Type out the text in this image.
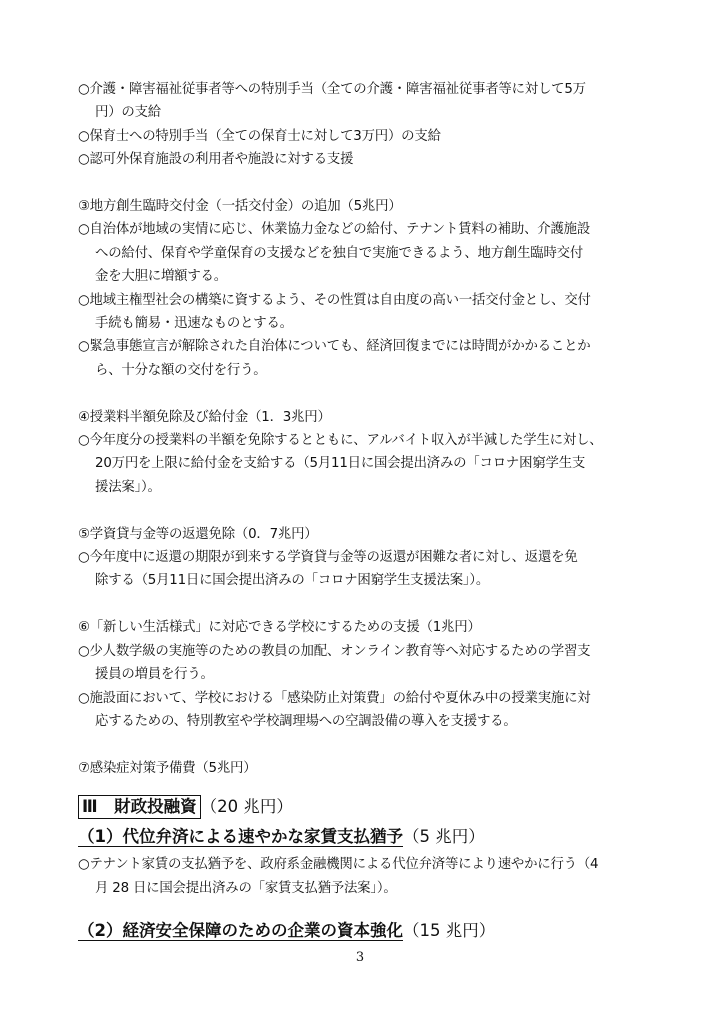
○介護・障害福祉従事者等への特別手当（全ての介護・障害福祉従事者等に対して5万
円）の支給
○保育士への特別手当（全ての保育士に対して3万円）の支給
○認可外保育施設の利用者や施設に対する支援
③地方創生臨時交付金（一括交付金）の追加（5兆円）
○自治体が地域の実情に応じ、休業協力金などの給付、テナント賃料の補助、介護施設
への給付、保育や学童保育の支援などを独自で実施できるよう、地方創生臨時交付
金を大胆に増額する。
○地域主権型社会の構築に資するよう、その性質は自由度の高い一括交付金とし、交付
手続も簡易・迅速なものとする。
○緊急事態宣言が解除された自治体についても、経済回復までには時間がかかることか
ら、十分な額の交付を行う。
④授業料半額免除及び給付金（1．3兆円）
○今年度分の授業料の半額を免除するとともに、アルバイト収入が半減した学生に対し、
20万円を上限に給付金を支給する（5月11日に国会提出済みの「コロナ困窮学生支
援法案」）。
⑤学資貸与金等の返還免除（0．7兆円）
○今年度中に返還の期限が到来する学資貸与金等の返還が困難な者に対し、返還を免
除する（5月11日に国会提出済みの「コロナ困窮学生支援法案」）。
⑥「新しい生活様式」に対応できる学校にするための支援（1兆円）
○少人数学級の実施等のための教員の加配、オンライン教育等へ対応するための学習支
援員の増員を行う。
○施設面において、学校における「感染防止対策費」の給付や夏休み中の授業実施に対
応するための、特別教室や学校調理場への空調設備の導入を支援する。
⑦感染症対策予備費（5兆円）
Ⅲ　財政投融資 （20 兆円）
（1）代位弁済による速やかな家賃支払猶予（5 兆円）
○テナント家賃の支払猶予を、政府系金融機関による代位弁済等により速やかに行う（4
月 28 日に国会提出済みの「家賃支払猶予法案」）。
（2）経済安全保障のための企業の資本強化（15 兆円）
3
